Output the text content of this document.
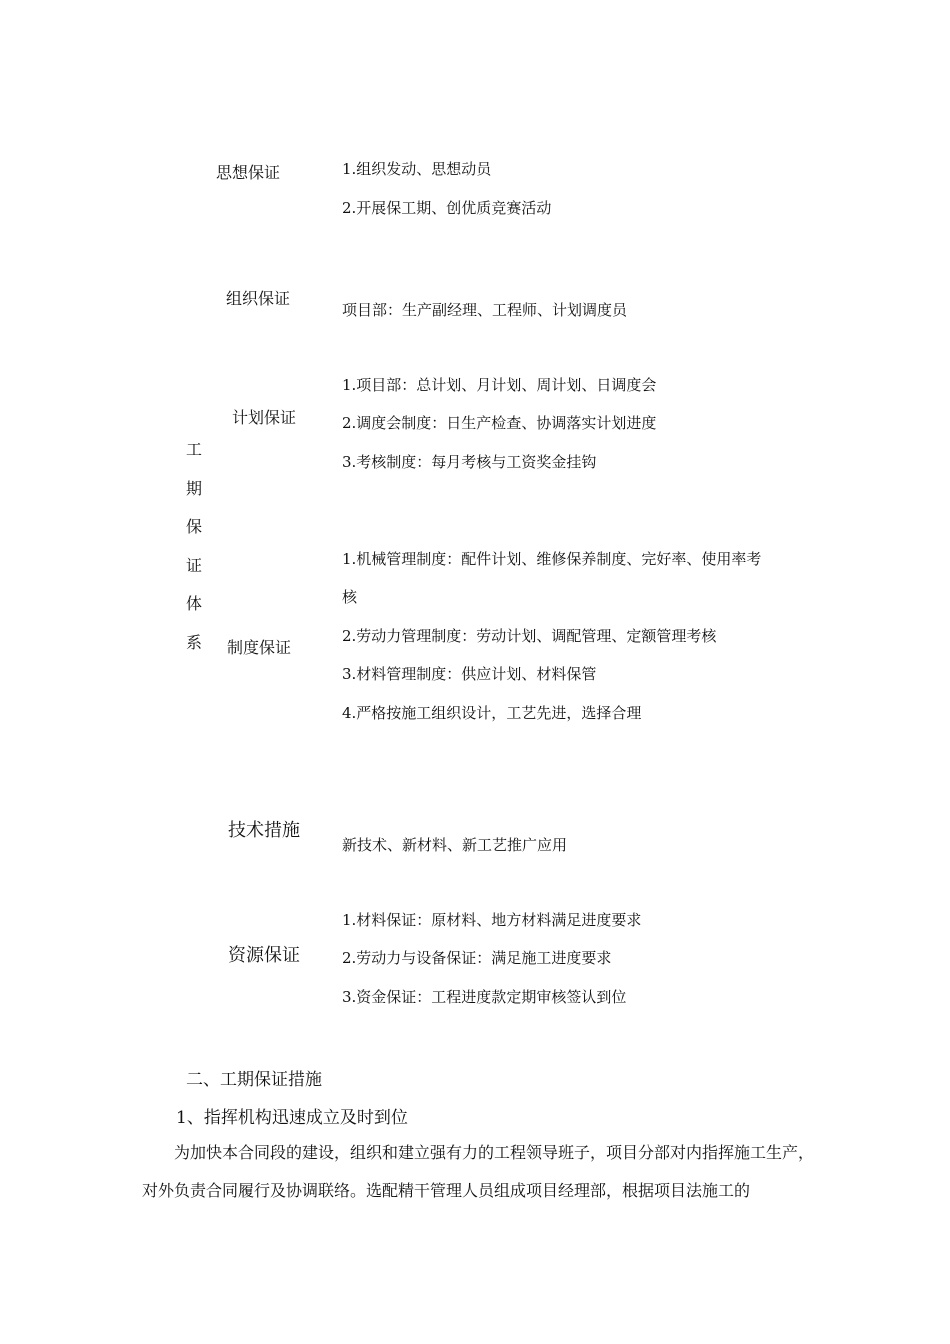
工
期
保
证
体
系
思想保证	1.组织发动、思想动员
2.开展保工期、创优质竞赛活动
组织保证
项目部：生产副经理、工程师、计划调度员
计划保证
1.项目部：总计划、月计划、周计划、日调度会
2.调度会制度：日生产检查、协调落实计划进度
3.考核制度：每月考核与工资奖金挂钩
制度保证
1.机械管理制度：配件计划、维修保养制度、完好率、使用率考
核
2.劳动力管理制度：劳动计划、调配管理、定额管理考核
3.材料管理制度：供应计划、材料保管
4.严格按施工组织设计，工艺先进，选择合理
技术措施
新技术、新材料、新工艺推广应用
资源保证
1.材料保证：原材料、地方材料满足进度要求
2.劳动力与设备保证：满足施工进度要求
3.资金保证：工程进度款定期审核签认到位
二、工期保证措施
1、指挥机构迅速成立及时到位
为加快本合同段的建设，组织和建立强有力的工程领导班子，项目分部对内指挥施工生产，对外负责合同履行及协调联络。选配精干管理人员组成项目经理部，根据项目法施工的
